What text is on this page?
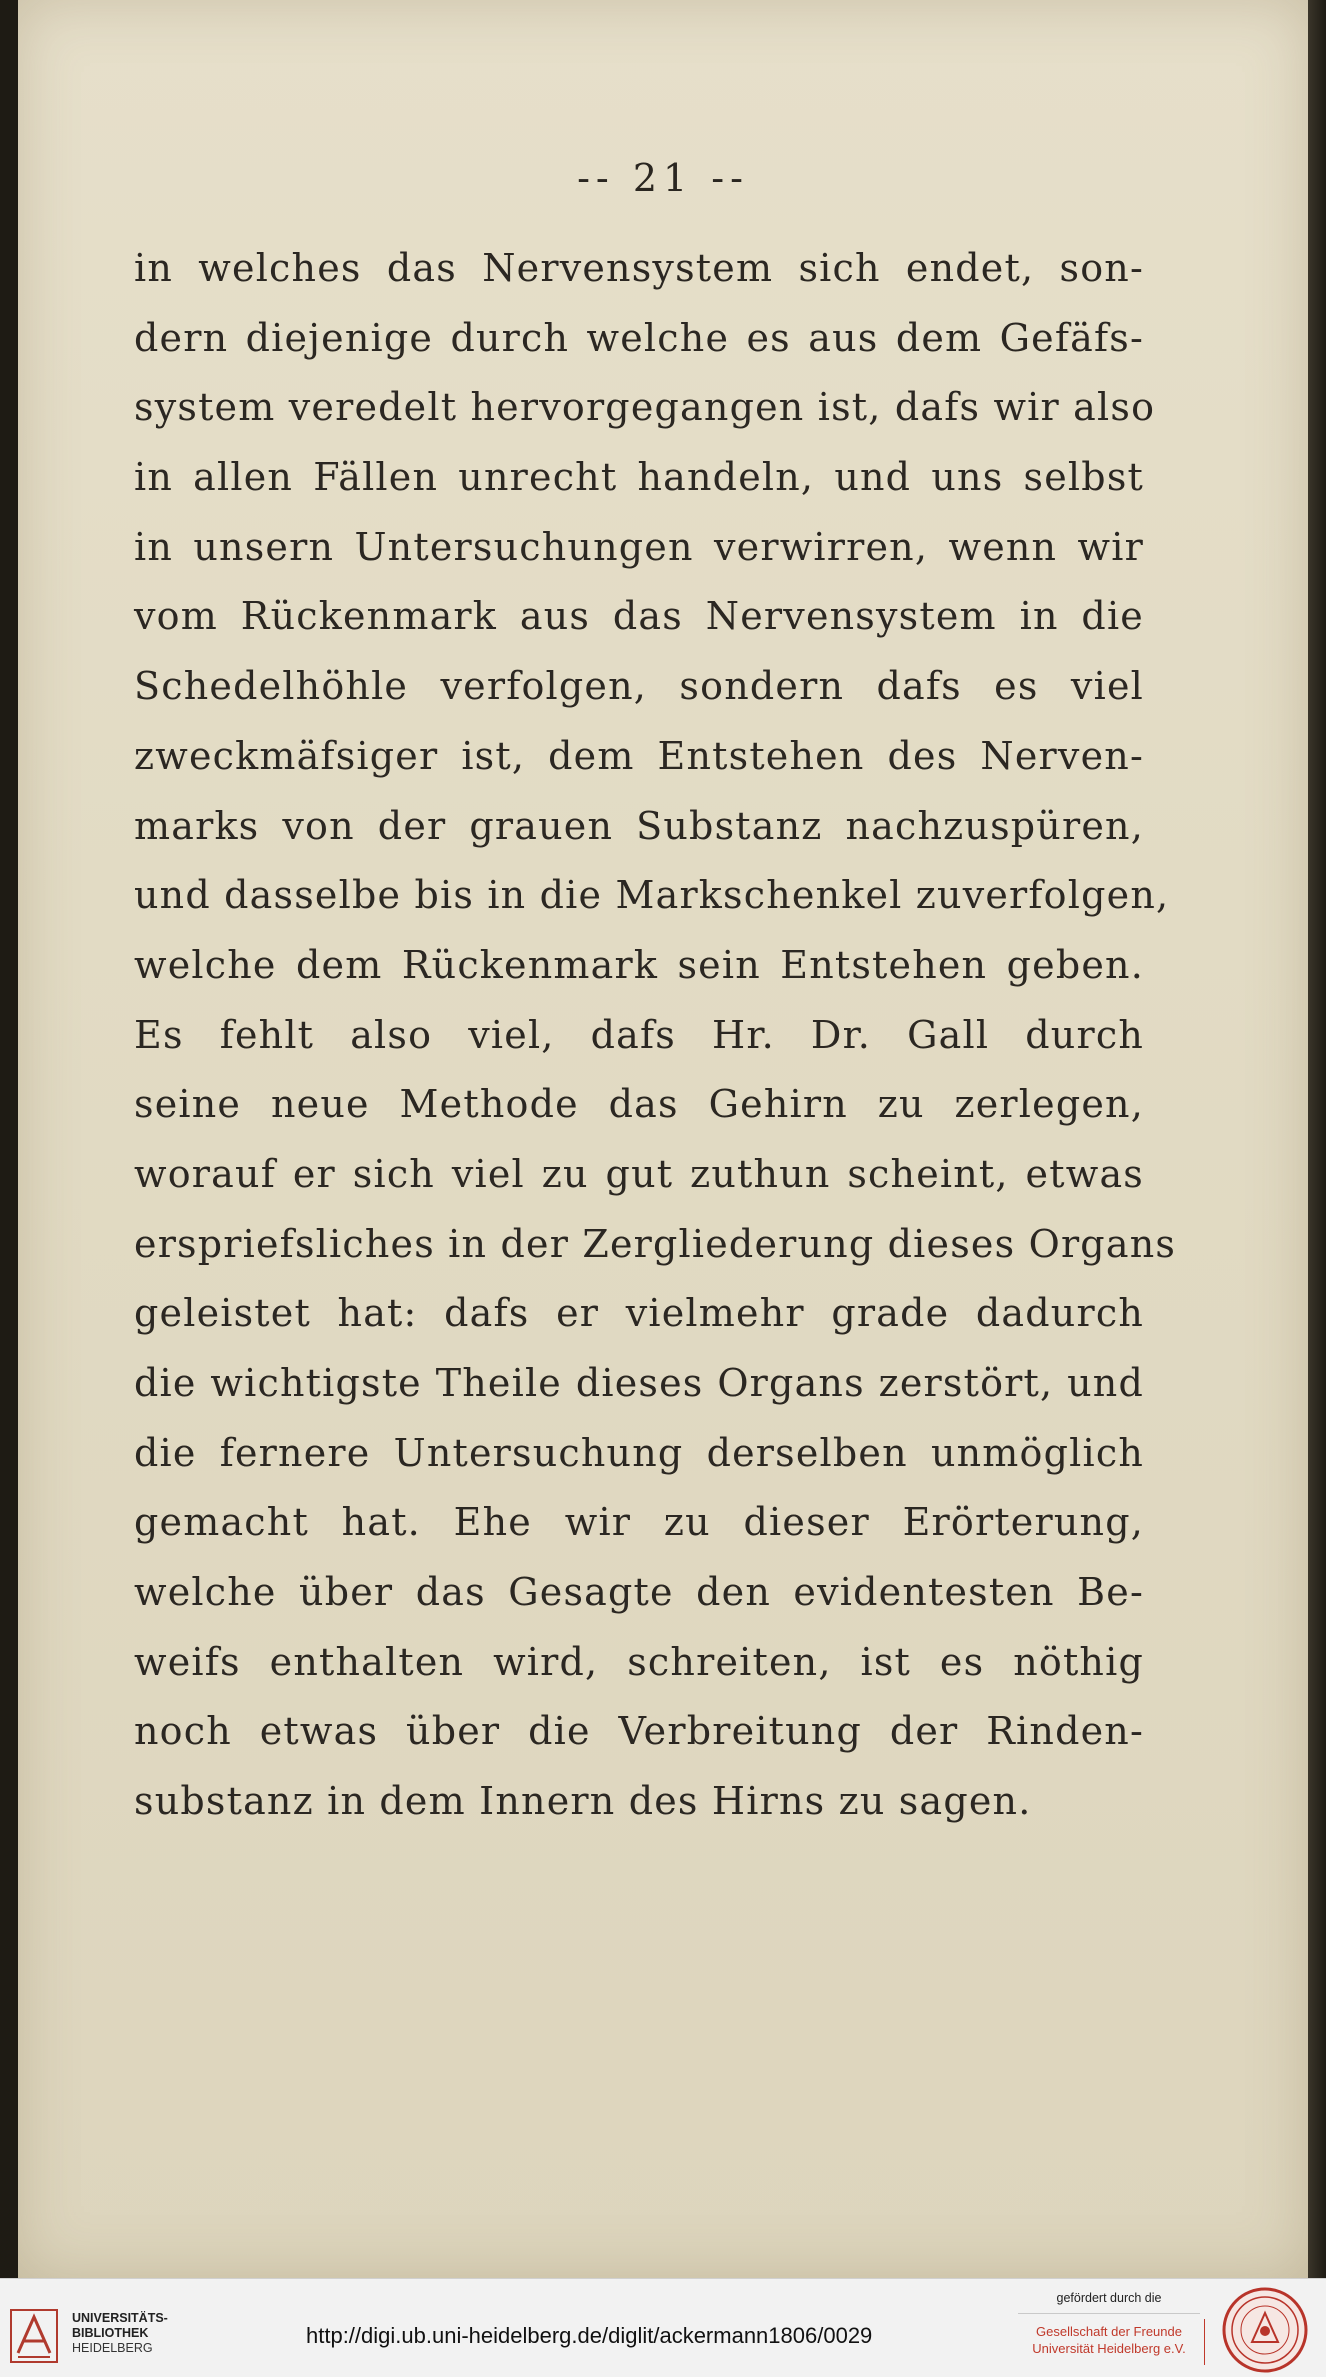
-- 21 --
in welches das Nervensystem sich endet, son-
dern diejenige durch welche es aus dem Gefäfs-
system veredelt hervorgegangen ist, dafs wir also
in allen Fällen unrecht handeln, und uns selbst
in unsern Untersuchungen verwirren, wenn wir
vom Rückenmark aus das Nervensystem in die
Schedelhöhle verfolgen, sondern dafs es viel
zweckmäfsiger ist, dem Entstehen des Nerven-
marks von der grauen Substanz nachzuspüren,
und dasselbe bis in die Markschenkel zuverfolgen,
welche dem Rückenmark sein Entstehen geben.
Es fehlt also viel, dafs Hr. Dr. Gall durch
seine neue Methode das Gehirn zu zerlegen,
worauf er sich viel zu gut zuthun scheint, etwas
erspriefsliches in der Zergliederung dieses Organs
geleistet hat: dafs er vielmehr grade dadurch
die wichtigste Theile dieses Organs zerstört, und
die fernere Untersuchung derselben unmöglich
gemacht hat. Ehe wir zu dieser Erörterung,
welche über das Gesagte den evidentesten Be-
weifs enthalten wird, schreiten, ist es nöthig
noch etwas über die Verbreitung der Rinden-
substanz in dem Innern des Hirns zu sagen.
UNIVERSITÄTS-
BIBLIOTHEK
HEIDELBERG	http://digi.ub.uni-heidelberg.de/diglit/ackermann1806/0029
gefördert durch die
Gesellschaft der Freunde
Universität Heidelberg e.V.
